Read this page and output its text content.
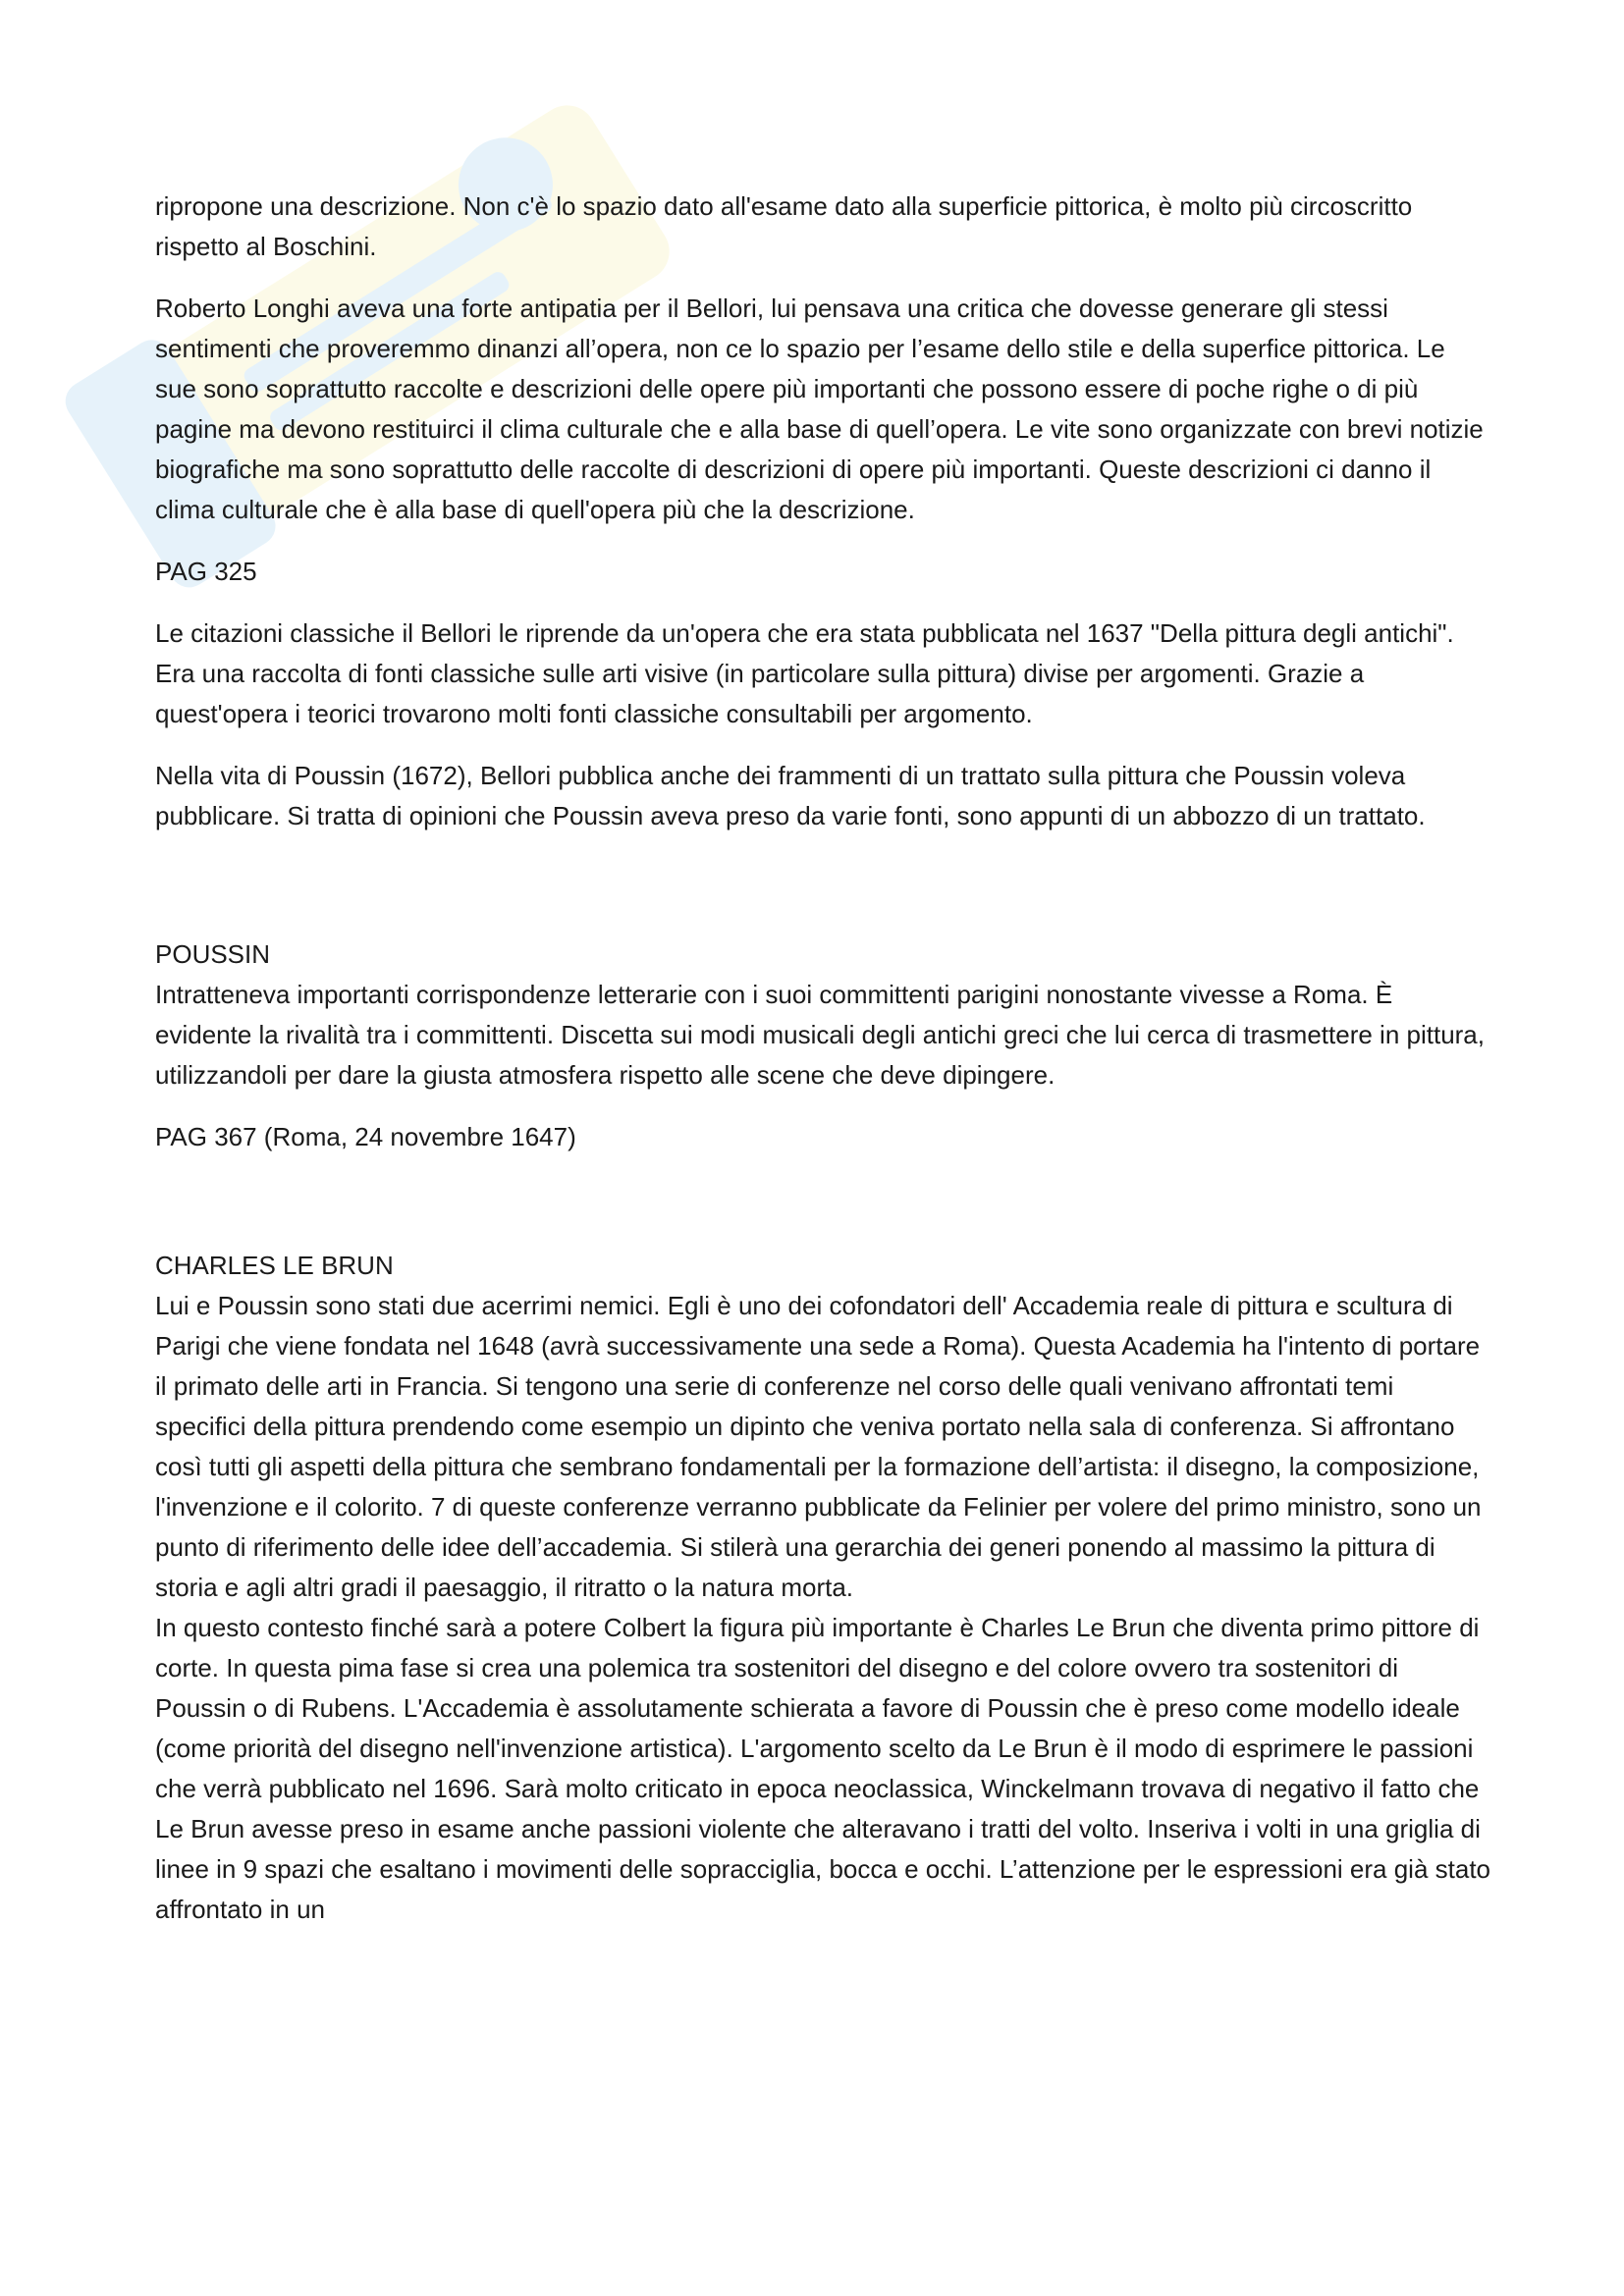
ripropone una descrizione. Non c'è lo spazio dato all'esame dato alla superficie pittorica, è molto più circoscritto rispetto al Boschini.

Roberto Longhi aveva una forte antipatia per il Bellori, lui pensava una critica che dovesse generare gli stessi sentimenti che proveremmo dinanzi all’opera, non ce lo spazio per l’esame dello stile e della superfice pittorica. Le sue sono soprattutto raccolte e descrizioni delle opere più importanti che possono essere di poche righe o di più pagine ma devono restituirci il clima culturale che e alla base di quell’opera. Le vite sono organizzate con brevi notizie biografiche ma sono soprattutto delle raccolte di descrizioni di opere più importanti. Queste descrizioni ci danno il clima culturale che è alla base di quell'opera più che la descrizione.

PAG 325

Le citazioni classiche il Bellori le riprende da un'opera che era stata pubblicata nel 1637 "Della pittura degli antichi". Era una raccolta di fonti classiche sulle arti visive (in particolare sulla pittura) divise per argomenti. Grazie a quest'opera i teorici trovarono molti fonti classiche consultabili per argomento.

Nella vita di Poussin (1672), Bellori pubblica anche dei frammenti di un trattato sulla pittura che Poussin voleva pubblicare. Si tratta di opinioni che Poussin aveva preso da varie fonti, sono appunti di un abbozzo di un trattato.

POUSSIN

Intratteneva importanti corrispondenze letterarie con i suoi committenti parigini nonostante vivesse a Roma. È evidente la rivalità tra i committenti. Discetta sui modi musicali degli antichi greci che lui cerca di trasmettere in pittura, utilizzandoli per dare la giusta atmosfera rispetto alle scene che deve dipingere.

PAG 367 (Roma, 24 novembre 1647)

CHARLES LE BRUN

Lui e Poussin sono stati due acerrimi nemici. Egli è uno dei cofondatori dell' Accademia reale di pittura e scultura di Parigi che viene fondata nel 1648 (avrà successivamente una sede a Roma). Questa Academia ha l'intento di portare il primato delle arti in Francia. Si tengono una serie di conferenze nel corso delle quali venivano affrontati temi specifici della pittura prendendo come esempio un dipinto che veniva portato nella sala di conferenza. Si affrontano così tutti gli aspetti della pittura che sembrano fondamentali per la formazione dell’artista: il disegno, la composizione, l'invenzione e il colorito. 7 di queste conferenze verranno pubblicate da Felinier per volere del primo ministro, sono un punto di riferimento delle idee dell’accademia. Si stilerà una gerarchia dei generi ponendo al massimo la pittura di storia e agli altri gradi il paesaggio, il ritratto o la natura morta.

In questo contesto finché sarà a potere Colbert la figura più importante è Charles Le Brun che diventa primo pittore di corte. In questa pima fase si crea una polemica tra sostenitori del disegno e del colore ovvero tra sostenitori di Poussin o di Rubens. L'Accademia è assolutamente schierata a favore di Poussin che è preso come modello ideale (come priorità del disegno nell'invenzione artistica). L'argomento scelto da Le Brun è il modo di esprimere le passioni che verrà pubblicato nel 1696. Sarà molto criticato in epoca neoclassica, Winckelmann trovava di negativo il fatto che Le Brun avesse preso in esame anche passioni violente che alteravano i tratti del volto. Inseriva i volti in una griglia di linee in 9 spazi che esaltano i movimenti delle sopracciglia, bocca e occhi. L’attenzione per le espressioni era già stato affrontato in un
